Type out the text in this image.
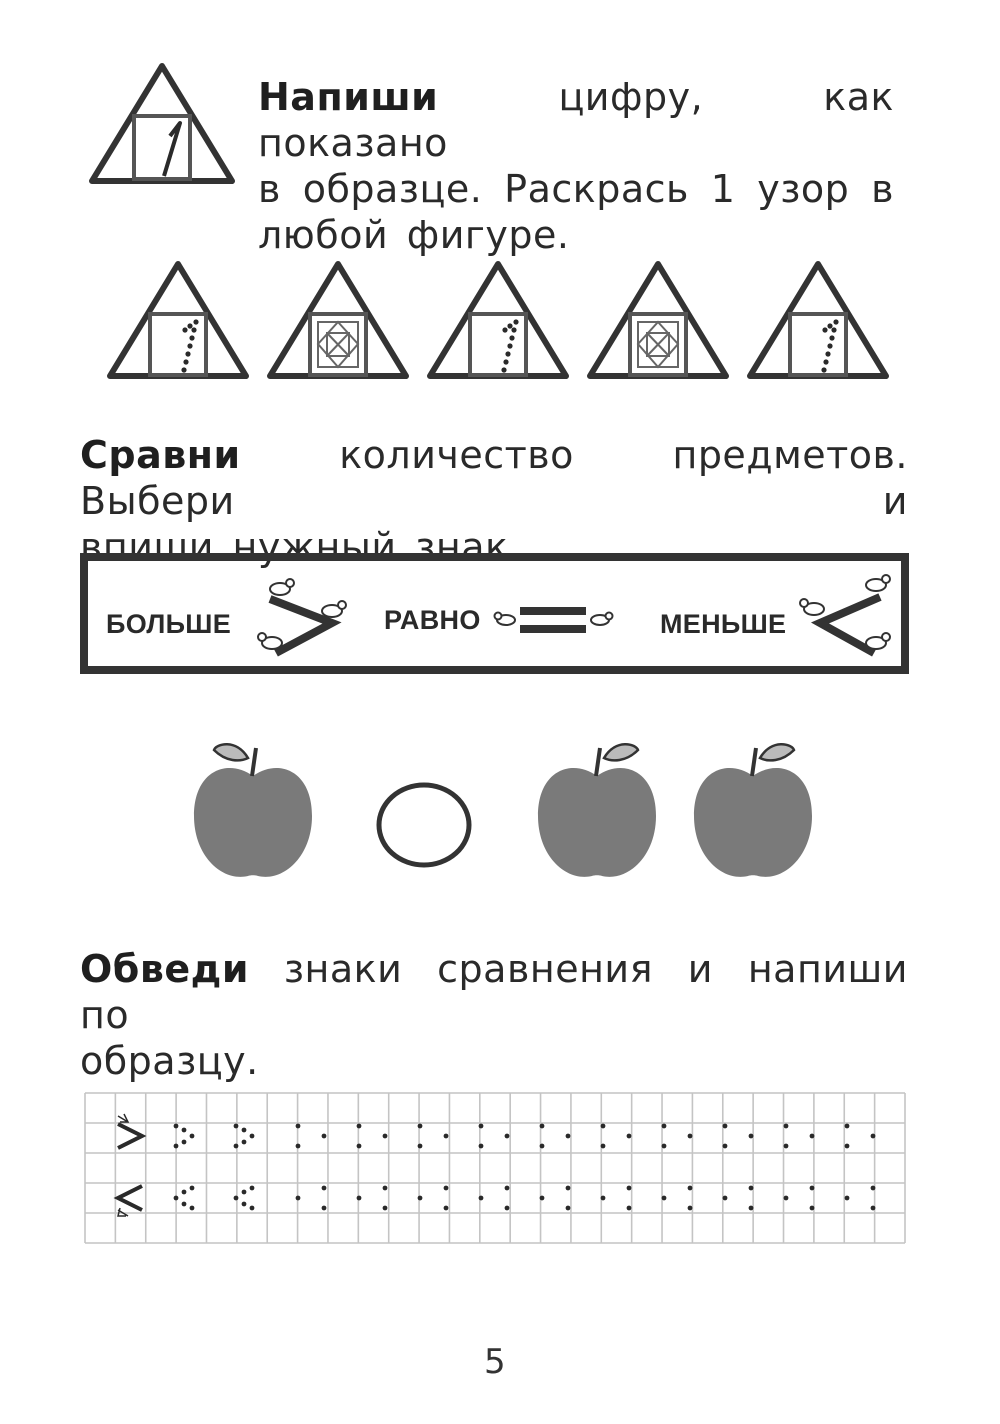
Напиши	цифру, как показано
в образце. Раскрась 1 узор в
любой фигуре.
Сравни	количество предметов. Выбери и
впиши нужный знак.
БОЛЬШЕ	РАВНО	МЕНЬШЕ
Обведи знаки сравнения и напиши по
образцу.
5
